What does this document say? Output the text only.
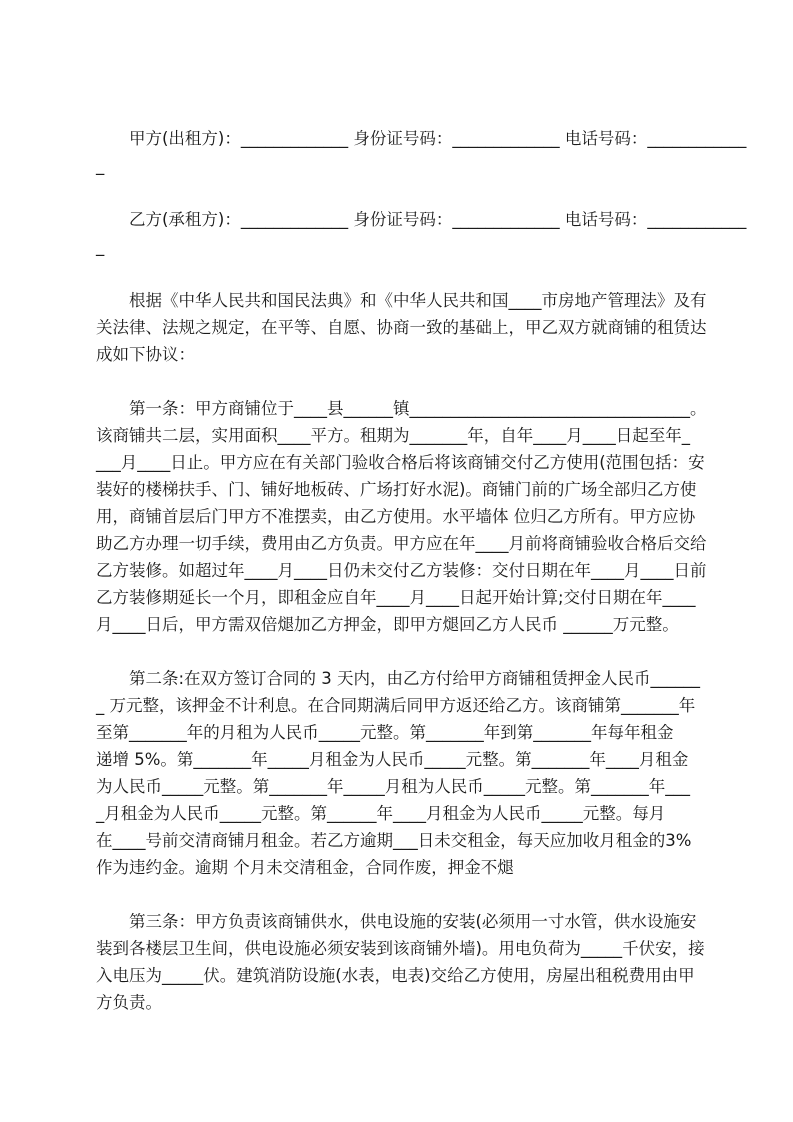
　　甲方(出租方)：_____________ 身份证号码：_____________ 电话号码：____________
_
　　乙方(承租方)：_____________ 身份证号码：_____________ 电话号码：____________
_
　　根据《中华人民共和国民法典》和《中华人民共和国____市房地产管理法》及有
关法律、法规之规定，在平等、自愿、协商一致的基础上，甲乙双方就商铺的租赁达
成如下协议：
　　第一条：甲方商铺位于____县______镇__________________________________。
该商铺共二层，实用面积____平方。租期为_______年，自年____月____日起至年_
___月____日止。甲方应在有关部门验收合格后将该商铺交付乙方使用(范围包括：安
装好的楼梯扶手、门、铺好地板砖、广场打好水泥)。商铺门前的广场全部归乙方使
用，商铺首层后门甲方不准摆卖，由乙方使用。水平墙体 位归乙方所有。甲方应协
助乙方办理一切手续，费用由乙方负责。甲方应在年____月前将商铺验收合格后交给
乙方装修。如超过年____月____日仍未交付乙方装修：交付日期在年____月____日前
乙方装修期延长一个月，即租金应自年____月____日起开始计算;交付日期在年____
月____日后，甲方需双倍煺加乙方押金，即甲方煺回乙方人民币 ______万元整。
　　第二条:在双方签订合同的 3 天内，由乙方付给甲方商铺租赁押金人民币______
_ 万元整，该押金不计利息。在合同期满后同甲方返还给乙方。该商铺第_______年
至第_______年的月租为人民币_____元整。第_______年到第_______年每年租金
递增 5%。第_______年_____月租金为人民币_____元整。第_______年____月租金
为人民币_____元整。第_______年_____月租为人民币_____元整。第_______年___
_月租金为人民币_____元整。第______年____月租金为人民币_____元整。每月
在____号前交清商铺月租金。若乙方逾期___日未交租金，每天应加收月租金的3%
作为违约金。逾期 个月未交清租金，合同作废，押金不煺
　　第三条：甲方负责该商铺供水，供电设施的安装(必须用一寸水管，供水设施安
装到各楼层卫生间，供电设施必须安装到该商铺外墙)。用电负荷为_____千伏安，接
入电压为_____伏。建筑消防设施(水表，电表)交给乙方使用，房屋出租税费用由甲
方负责。
